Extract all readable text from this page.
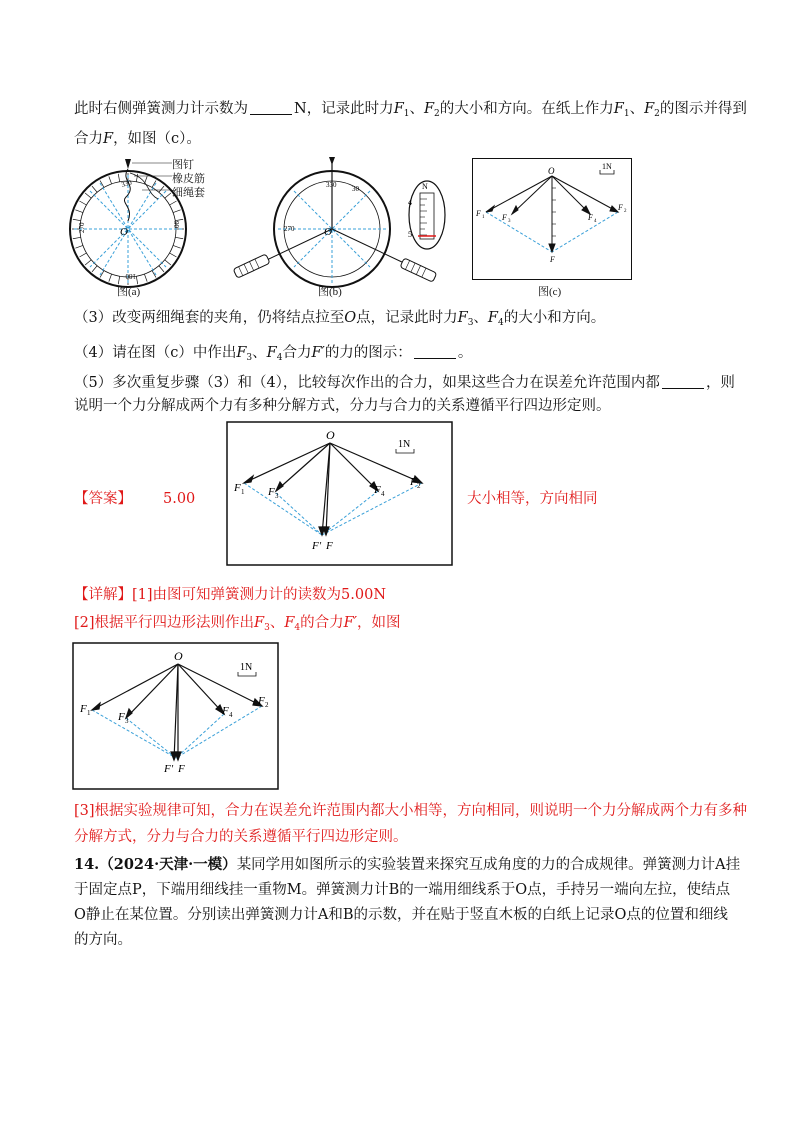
此时右侧弹簧测力计示数为	N，记录此时力$F_1$、$F_2$的大小和方向。在纸上作力$F_1$、$F_2$的图示并得到
合力F，如图（c）。
O
330
270
180
90
图钉
橡皮筋
细绳套
图(a)
N
4
5
O
330 30
270
图(b)
1N
O
F 1 F 3	F 4
F 2
F
图(c)
（3）改变两细绳套的夹角，仍将结点拉至O点，记录此时力$F_3$、$F_4$的大小和方向。
（4）请在图（c）中作出$F_3$、$F_4$合力F′的力的图示：	。
（5）多次重复步骤（3）和（4），比较每次作出的合力，如果这些合力在误差允许范围内都	，则
说明一个力分解成两个力有多种分解方式，分力与合力的关系遵循平行四边形定则。
【答案】 5.00	大小相等，方向相同
1N
O
F 1 F 3	F 4
F 2
F′ F
【详解】[1]由图可知弹簧测力计的读数为5.00N
[2]根据平行四边形法则作出$F_3$、$F_4$的合力F′，如图
1N
O
F 1	F 3
F 4
F 2
F′ F
[3]根据实验规律可知，合力在误差允许范围内都大小相等，方向相同，则说明一个力分解成两个力有多种
分解方式，分力与合力的关系遵循平行四边形定则。
14.（2024·天津·一模）某同学用如图所示的实验装置来探究互成角度的力的合成规律。弹簧测力计A挂
于固定点P，下端用细线挂一重物M。弹簧测力计B的一端用细线系于O点，手持另一端向左拉，使结点
O静止在某位置。分别读出弹簧测力计A和B的示数，并在贴于竖直木板的白纸上记录O点的位置和细线
的方向。
